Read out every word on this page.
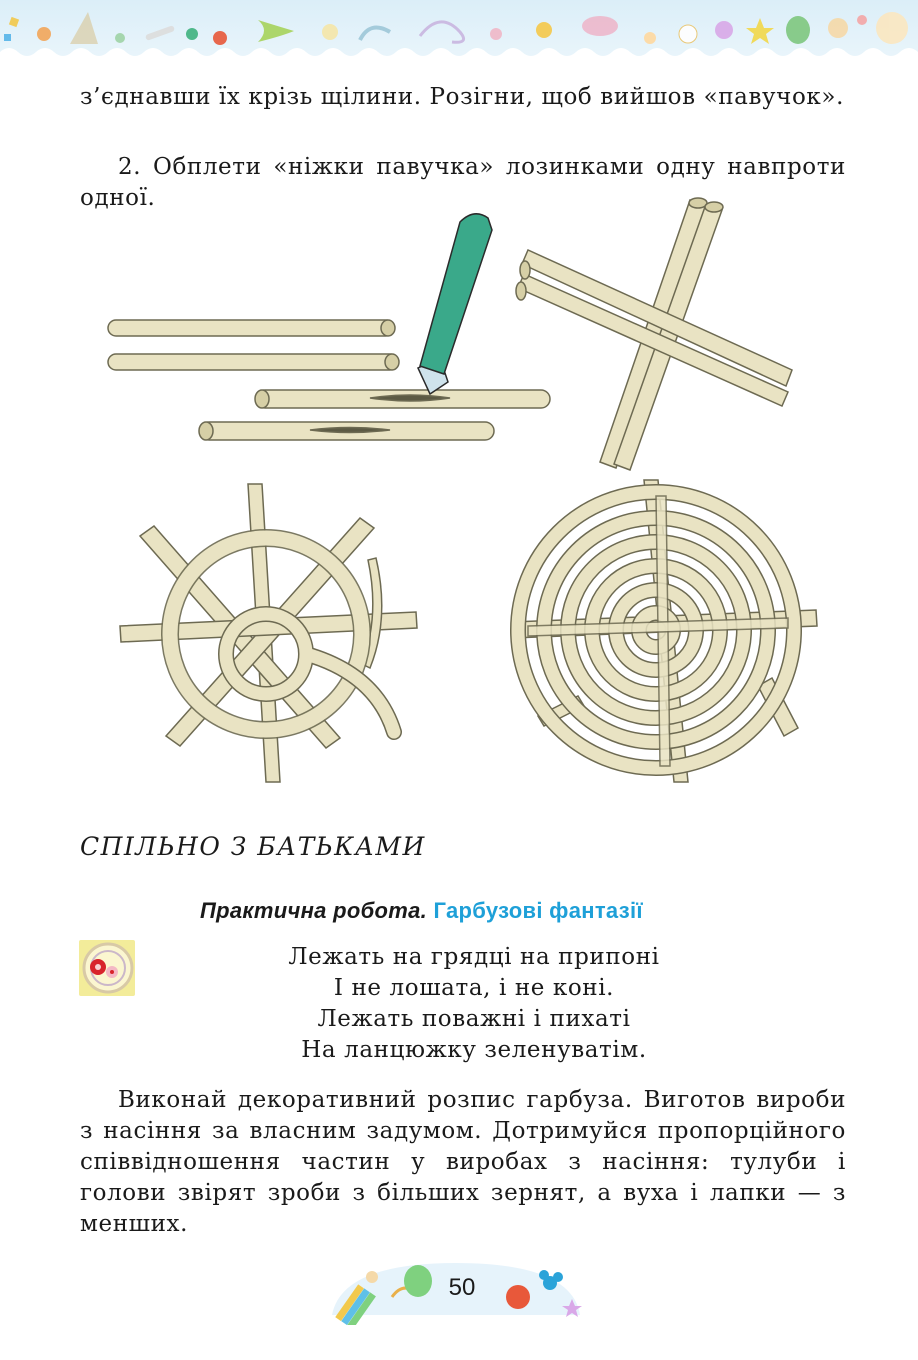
з’єднавши їх крізь щілини. Розігни, щоб вийшов «павучок».

2. Обплети «ніжки павучка» лозинками одну навпроти одної.

СПІЛЬНО З БАТЬКАМИ
Практична робота. Гарбузові фантазії
Лежать на грядці на припоні
І не лошата, і не коні.
Лежать поважні і пихаті
На ланцюжку зеленуватім.

Виконай декоративний розпис гарбуза. Виготов вироби з насіння за власним задумом. Дотримуйся пропорційного співвідношення частин у виробах з насіння: тулуби і голови звірят зроби з більших зернят, а вуха і лапки — з менших.

50
